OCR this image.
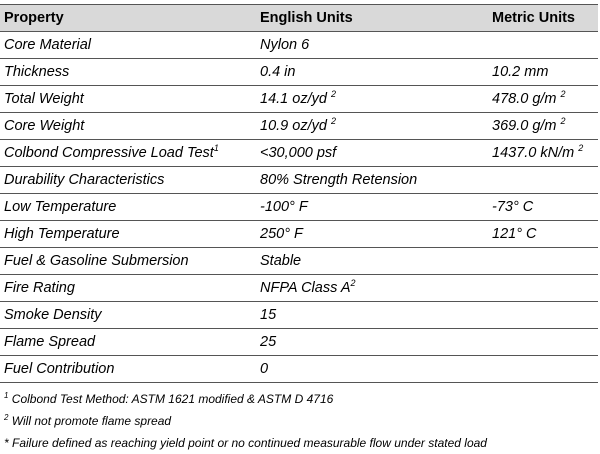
Property	English Units	Metric Units
Core Material	Nylon 6	
Thickness	0.4 in	10.2 mm
Total Weight	14.1 oz/yd $^2$	478.0 g/m $^2$
Core Weight	10.9 oz/yd $^2$	369.0 g/m $^2$
Colbond Compressive Load Test$^1$	<30,000 psf	1437.0 kN/m $^2$
Durability Characteristics	80% Strength Retension	
Low Temperature	-100° F	-73° C
High Temperature	250° F	121° C
Fuel & Gasoline Submersion	Stable	
Fire Rating	NFPA Class $A^2$	
Smoke Density	15	
Flame Spread	25	
Fuel Contribution	0	
$^1$ Colbond Test Method: ASTM 1621 modified & ASTM D 4716
$^2$ Will not promote flame spread
* Failure defined as reaching yield point or no continued measurable flow under stated load
